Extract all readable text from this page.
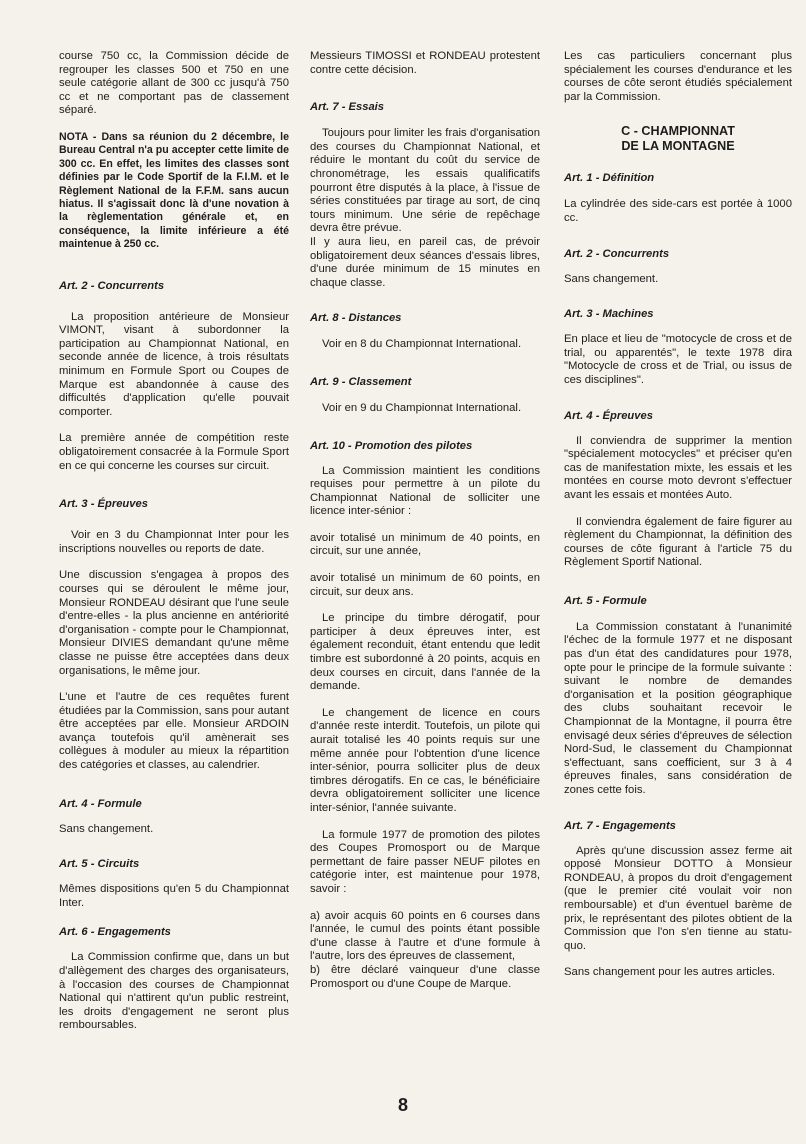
course 750 cc, la Commission décide de regrouper les classes 500 et 750 en une seule catégorie allant de 300 cc jusqu'à 750 cc et ne comportant pas de classement séparé.

NOTA - Dans sa réunion du 2 décembre, le Bureau Central n'a pu accepter cette limite de 300 cc. En effet, les limites des classes sont définies par le Code Sportif de la F.I.M. et le Règlement National de la F.F.M. sans aucun hiatus. Il s'agissait donc là d'une novation à la règlementation générale et, en conséquence, la limite inférieure a été maintenue à 250 cc.

Art. 2 - Concurrents

La proposition antérieure de Monsieur VIMONT, visant à subordonner la participation au Championnat National, en seconde année de licence, à trois résultats minimum en Formule Sport ou Coupes de Marque est abandonnée à cause des difficultés d'application qu'elle pouvait comporter.

La première année de compétition reste obligatoirement consacrée à la Formule Sport en ce qui concerne les courses sur circuit.

Art. 3 - Épreuves

Voir en 3 du Championnat Inter pour les inscriptions nouvelles ou reports de date.

Une discussion s'engagea à propos des courses qui se déroulent le même jour, Monsieur RONDEAU désirant que l'une seule d'entre-elles - la plus ancienne en antériorité d'organisation - compte pour le Championnat, Monsieur DIVIES demandant qu'une même classe ne puisse être acceptées dans deux organisations, le même jour.

L'une et l'autre de ces requêtes furent étudiées par la Commission, sans pour autant être acceptées par elle. Monsieur ARDOIN avança toutefois qu'il amènerait ses collègues à moduler au mieux la répartition des catégories et classes, au calendrier.

Art. 4 - Formule

Sans changement.

Art. 5 - Circuits

Mêmes dispositions qu'en 5 du Championnat Inter.

Art. 6 - Engagements

La Commission confirme que, dans un but d'allègement des charges des organisateurs, à l'occasion des courses de Championnat National qui n'attirent qu'un public restreint, les droits d'engagement ne seront plus remboursables.

Messieurs TIMOSSI et RONDEAU protestent contre cette décision.

Art. 7 - Essais

Toujours pour limiter les frais d'organisation des courses du Championnat National, et réduire le montant du coût du service de chronométrage, les essais qualificatifs pourront être disputés à la place, à l'issue de séries constituées par tirage au sort, de cinq tours minimum. Une série de repêchage devra être prévue.

Il y aura lieu, en pareil cas, de prévoir obligatoirement deux séances d'essais libres, d'une durée minimum de 15 minutes en chaque classe.

Art. 8 - Distances

Voir en 8 du Championnat International.

Art. 9 - Classement

Voir en 9 du Championnat International.

Art. 10 - Promotion des pilotes

La Commission maintient les conditions requises pour permettre à un pilote du Championnat National de solliciter une licence inter-sénior :

avoir totalisé un minimum de 40 points, en circuit, sur une année,

avoir totalisé un minimum de 60 points, en circuit, sur deux ans.

Le principe du timbre dérogatif, pour participer à deux épreuves inter, est également reconduit, étant entendu que ledit timbre est subordonné à 20 points, acquis en deux courses en circuit, dans l'année de la demande.

Le changement de licence en cours d'année reste interdit. Toutefois, un pilote qui aurait totalisé les 40 points requis sur une même année pour l'obtention d'une licence inter-sénior, pourra solliciter plus de deux timbres dérogatifs. En ce cas, le bénéficiaire devra obligatoirement solliciter une licence inter-sénior, l'année suivante.

La formule 1977 de promotion des pilotes des Coupes Promosport ou de Marque permettant de faire passer NEUF pilotes en catégorie inter, est maintenue pour 1978, savoir :

a) avoir acquis 60 points en 6 courses dans l'année, le cumul des points étant possible d'une classe à l'autre et d'une formule à l'autre, lors des épreuves de classement,

b) être déclaré vainqueur d'une classe Promosport ou d'une Coupe de Marque.

Les cas particuliers concernant plus spécialement les courses d'endurance et les courses de côte seront étudiés spécialement par la Commission.

C - CHAMPIONNAT
DE LA MONTAGNE
Art. 1 - Définition

La cylindrée des side-cars est portée à 1000 cc.

Art. 2 - Concurrents

Sans changement.

Art. 3 - Machines

En place et lieu de "motocycle de cross et de trial, ou apparentés", le texte 1978 dira "Motocycle de cross et de Trial, ou issus de ces disciplines".

Art. 4 - Épreuves

Il conviendra de supprimer la mention "spécialement motocycles" et préciser qu'en cas de manifestation mixte, les essais et les montées en course moto devront s'effectuer avant les essais et montées Auto.

Il conviendra également de faire figurer au règlement du Championnat, la définition des courses de côte figurant à l'article 75 du Règlement Sportif National.

Art. 5 - Formule

La Commission constatant à l'unanimité l'échec de la formule 1977 et ne disposant pas d'un état des candidatures pour 1978, opte pour le principe de la formule suivante : suivant le nombre de demandes d'organisation et la position géographique des clubs souhaitant recevoir le Championnat de la Montagne, il pourra être envisagé deux séries d'épreuves de sélection Nord-Sud, le classement du Championnat s'effectuant, sans coefficient, sur 3 à 4 épreuves finales, sans considération de zones cette fois.

Art. 7 - Engagements

Après qu'une discussion assez ferme ait opposé Monsieur DOTTO à Monsieur RONDEAU, à propos du droit d'engagement (que le premier cité voulait voir non remboursable) et d'un éventuel barème de prix, le représentant des pilotes obtient de la Commission que l'on s'en tienne au statu-quo.

Sans changement pour les autres articles.

8
